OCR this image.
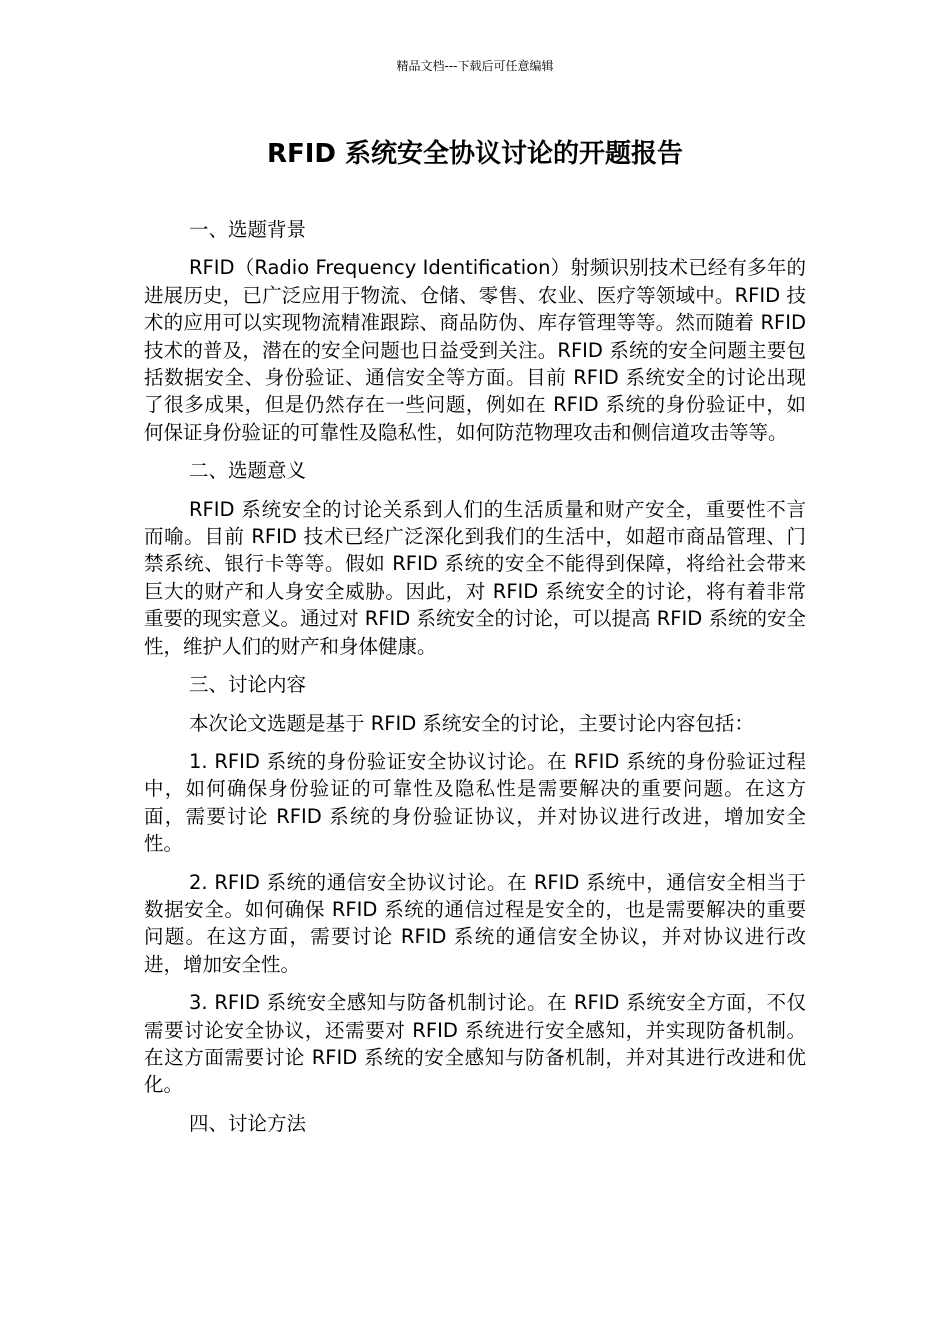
精品文档---下载后可任意编辑
RFID 系统安全协议讨论的开题报告

一、选题背景

RFID（Radio Frequency Identification）射频识别技术已经有多年的进展历史，已广泛应用于物流、仓储、零售、农业、医疗等领域中。RFID 技术的应用可以实现物流精准跟踪、商品防伪、库存管理等等。然而随着 RFID 技术的普及，潜在的安全问题也日益受到关注。RFID 系统的安全问题主要包括数据安全、身份验证、通信安全等方面。目前 RFID 系统安全的讨论出现了很多成果，但是仍然存在一些问题，例如在 RFID 系统的身份验证中，如何保证身份验证的可靠性及隐私性，如何防范物理攻击和侧信道攻击等等。

二、选题意义

RFID 系统安全的讨论关系到人们的生活质量和财产安全，重要性不言而喻。目前 RFID 技术已经广泛深化到我们的生活中，如超市商品管理、门禁系统、银行卡等等。假如 RFID 系统的安全不能得到保障，将给社会带来巨大的财产和人身安全威胁。因此，对 RFID 系统安全的讨论，将有着非常重要的现实意义。通过对 RFID 系统安全的讨论，可以提高 RFID 系统的安全性，维护人们的财产和身体健康。

三、讨论内容

本次论文选题是基于 RFID 系统安全的讨论，主要讨论内容包括：

1. RFID 系统的身份验证安全协议讨论。在 RFID 系统的身份验证过程中，如何确保身份验证的可靠性及隐私性是需要解决的重要问题。在这方面，需要讨论 RFID 系统的身份验证协议，并对协议进行改进，增加安全性。

2. RFID 系统的通信安全协议讨论。在 RFID 系统中，通信安全相当于数据安全。如何确保 RFID 系统的通信过程是安全的，也是需要解决的重要问题。在这方面，需要讨论 RFID 系统的通信安全协议，并对协议进行改进，增加安全性。

3. RFID 系统安全感知与防备机制讨论。在 RFID 系统安全方面，不仅需要讨论安全协议，还需要对 RFID 系统进行安全感知，并实现防备机制。在这方面需要讨论 RFID 系统的安全感知与防备机制，并对其进行改进和优化。

四、讨论方法
